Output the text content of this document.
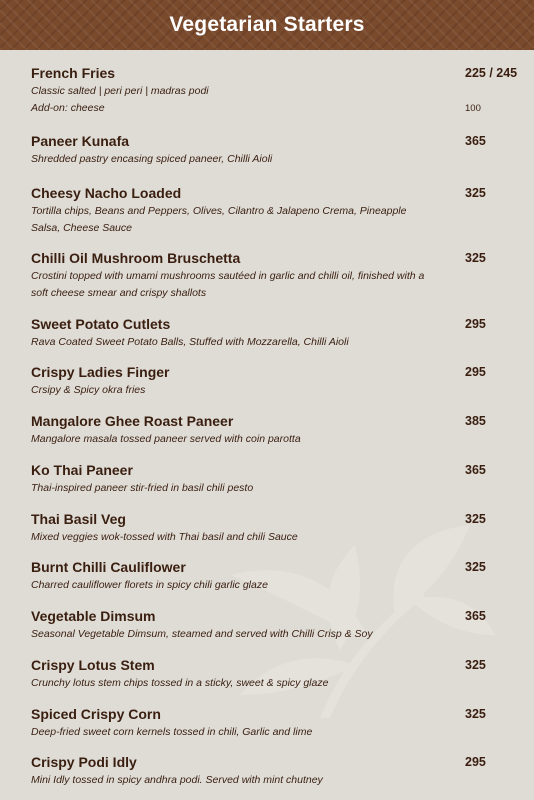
Vegetarian Starters
French Fries	225 / 245
Classic salted | peri peri | madras podi
Add-on: cheese	100
Paneer Kunafa	365
Shredded pastry encasing spiced paneer, Chilli Aioli
Cheesy Nacho Loaded	325
Tortilla chips, Beans and Peppers, Olives, Cilantro & Jalapeno Crema, Pineapple Salsa, Cheese Sauce
Chilli Oil Mushroom Bruschetta	325
Crostini topped with umami mushrooms sautéed in garlic and chilli oil, finished with a soft cheese smear and crispy shallots
Sweet Potato Cutlets	295
Rava Coated Sweet Potato Balls, Stuffed with Mozzarella, Chilli Aioli
Crispy Ladies Finger	295
Crsipy & Spicy okra fries
Mangalore Ghee Roast Paneer	385
Mangalore masala tossed paneer served with coin parotta
Ko Thai Paneer	365
Thai-inspired paneer stir-fried in basil chili pesto
Thai Basil Veg	325
Mixed veggies wok-tossed with Thai basil and chili Sauce
Burnt Chilli Cauliflower	325
Charred cauliflower florets in spicy chili garlic glaze
Vegetable Dimsum	365
Seasonal Vegetable Dimsum, steamed and served with Chilli Crisp & Soy
Crispy Lotus Stem	325
Crunchy lotus stem chips tossed in a sticky, sweet & spicy glaze
Spiced Crispy Corn	325
Deep-fried sweet corn kernels tossed in chili, Garlic and lime
Crispy Podi Idly	295
Mini Idly tossed in spicy andhra podi. Served with mint chutney
